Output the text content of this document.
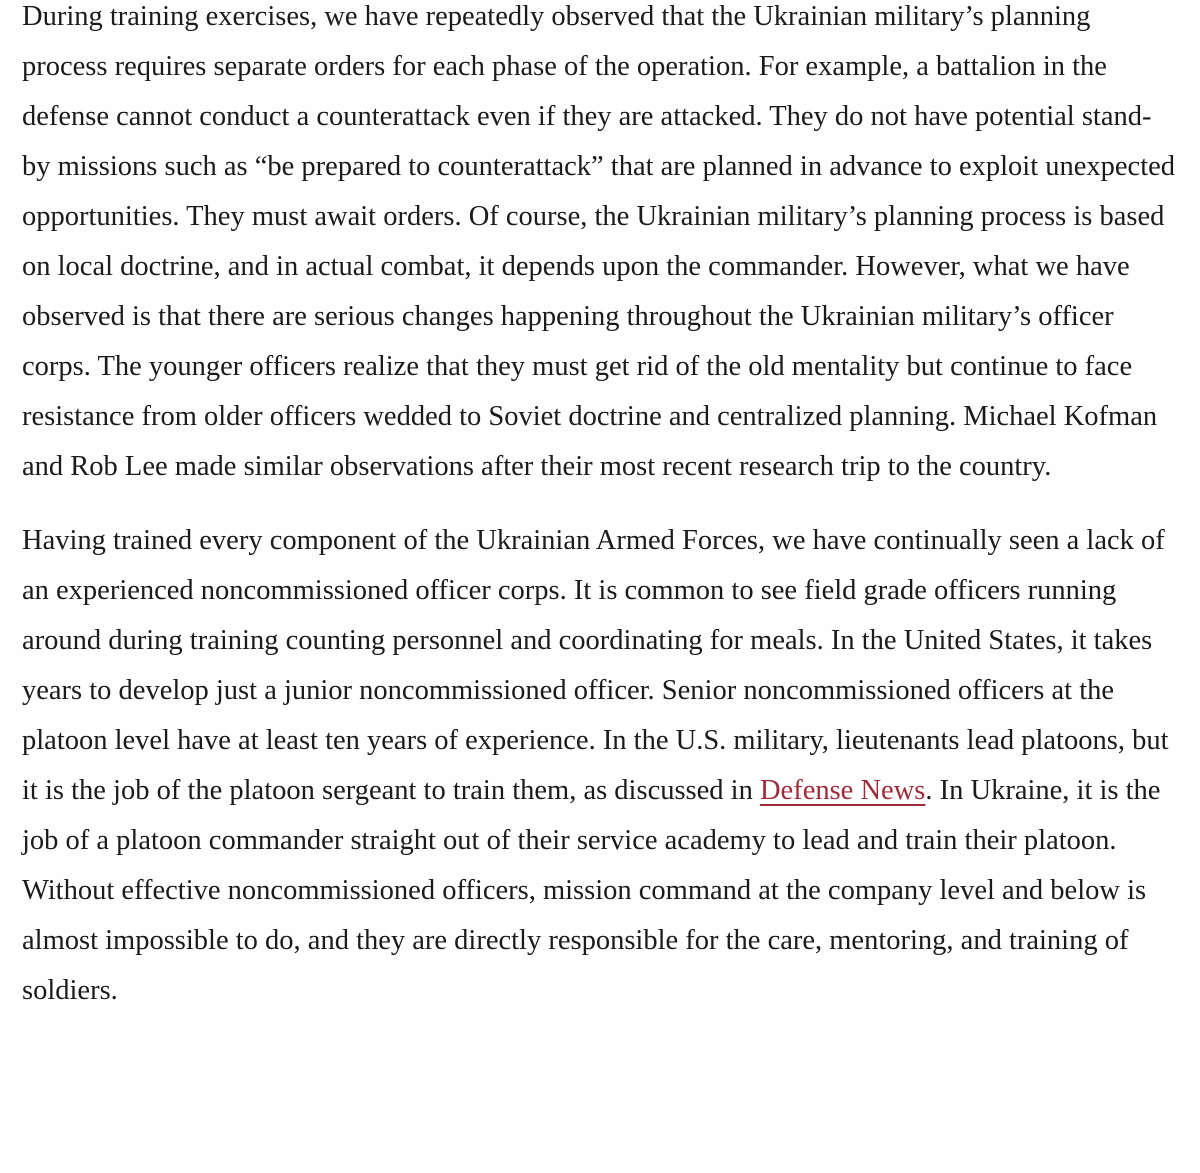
During training exercises, we have repeatedly observed that the Ukrainian military’s planning process requires separate orders for each phase of the operation. For example, a battalion in the defense cannot conduct a counterattack even if they are attacked. They do not have potential stand-by missions such as “be prepared to counterattack” that are planned in advance to exploit unexpected opportunities. They must await orders. Of course, the Ukrainian military’s planning process is based on local doctrine, and in actual combat, it depends upon the commander. However, what we have observed is that there are serious changes happening throughout the Ukrainian military’s officer corps. The younger officers realize that they must get rid of the old mentality but continue to face resistance from older officers wedded to Soviet doctrine and centralized planning. Michael Kofman and Rob Lee made similar observations after their most recent research trip to the country.

Having trained every component of the Ukrainian Armed Forces, we have continually seen a lack of an experienced noncommissioned officer corps. It is common to see field grade officers running around during training counting personnel and coordinating for meals. In the United States, it takes years to develop just a junior noncommissioned officer. Senior noncommissioned officers at the platoon level have at least ten years of experience. In the U.S. military, lieutenants lead platoons, but it is the job of the platoon sergeant to train them, as discussed in Defense News. In Ukraine, it is the job of a platoon commander straight out of their service academy to lead and train their platoon. Without effective noncommissioned officers, mission command at the company level and below is almost impossible to do, and they are directly responsible for the care, mentoring, and training of soldiers.
